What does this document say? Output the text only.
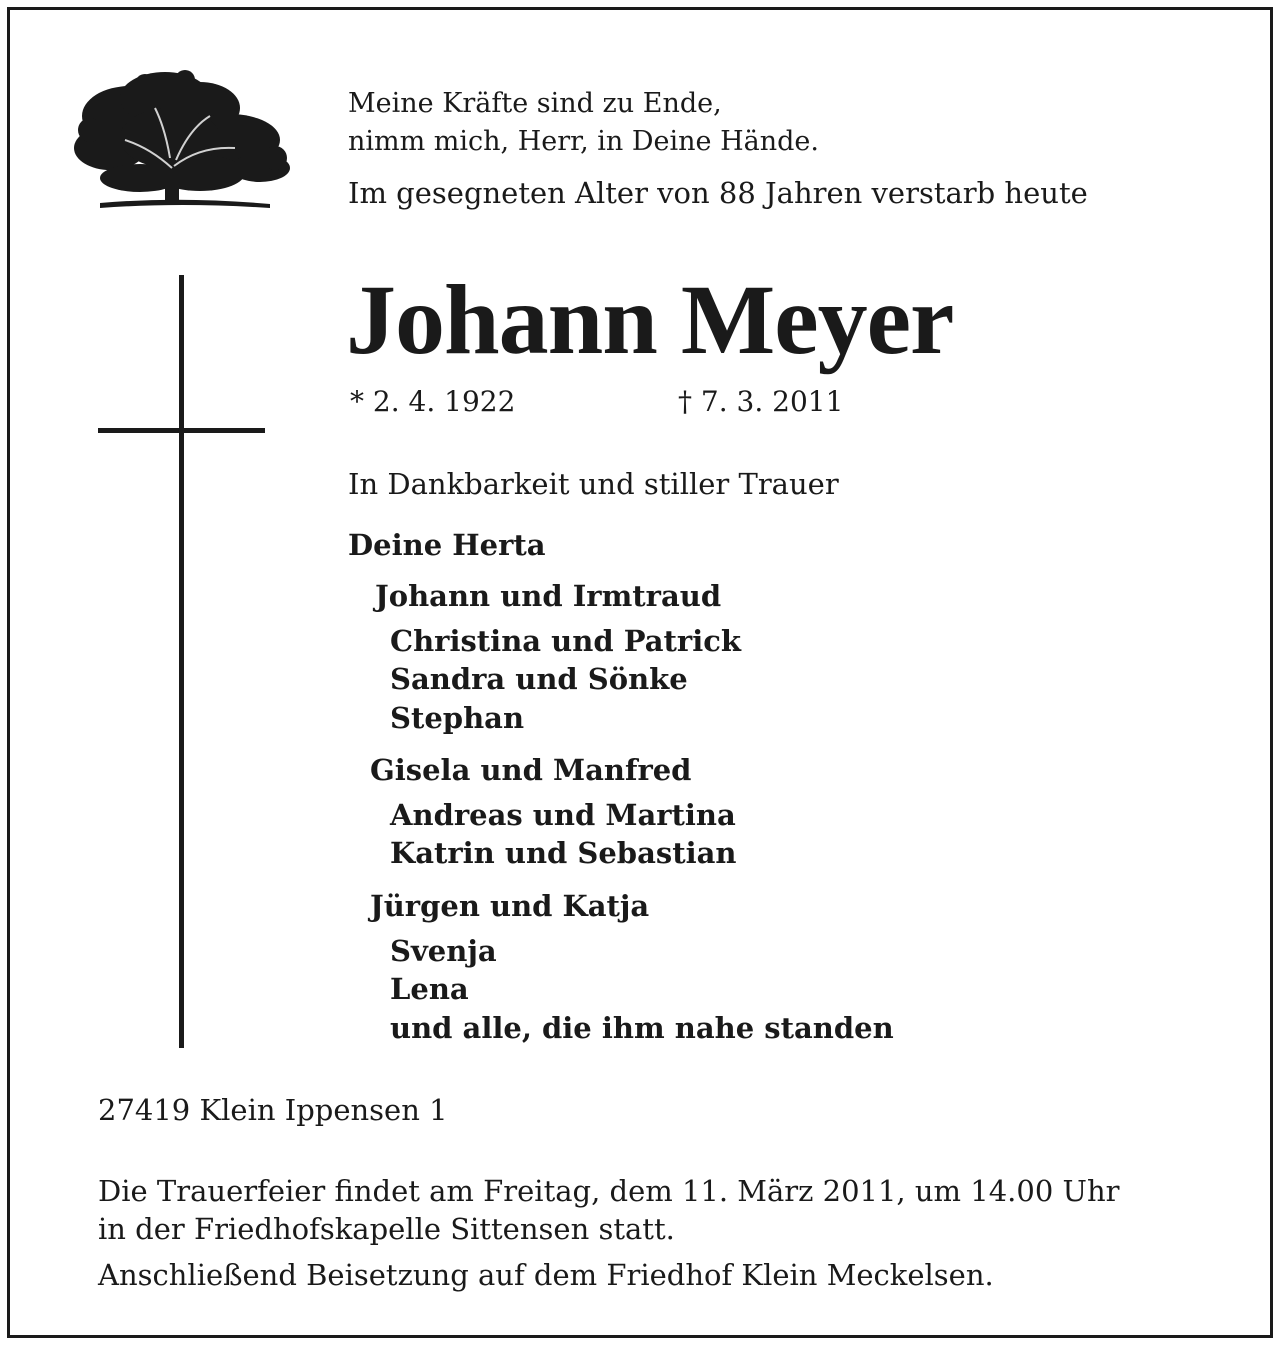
Meine Kräfte sind zu Ende,
nimm mich, Herr, in Deine Hände.
Im gesegneten Alter von 88 Jahren verstarb heute
Johann Meyer
* 2. 4. 1922	† 7. 3. 2011
In Dankbarkeit und stiller Trauer
Deine Herta
Johann und Irmtraud
Christina und Patrick
Sandra und Sönke
Stephan
Gisela und Manfred
Andreas und Martina
Katrin und Sebastian
Jürgen und Katja
Svenja
Lena
und alle, die ihm nahe standen
27419 Klein Ippensen 1
Die Trauerfeier findet am Freitag, dem 11. März 2011, um 14.00 Uhr
in der Friedhofskapelle Sittensen statt.
Anschließend Beisetzung auf dem Friedhof Klein Meckelsen.
